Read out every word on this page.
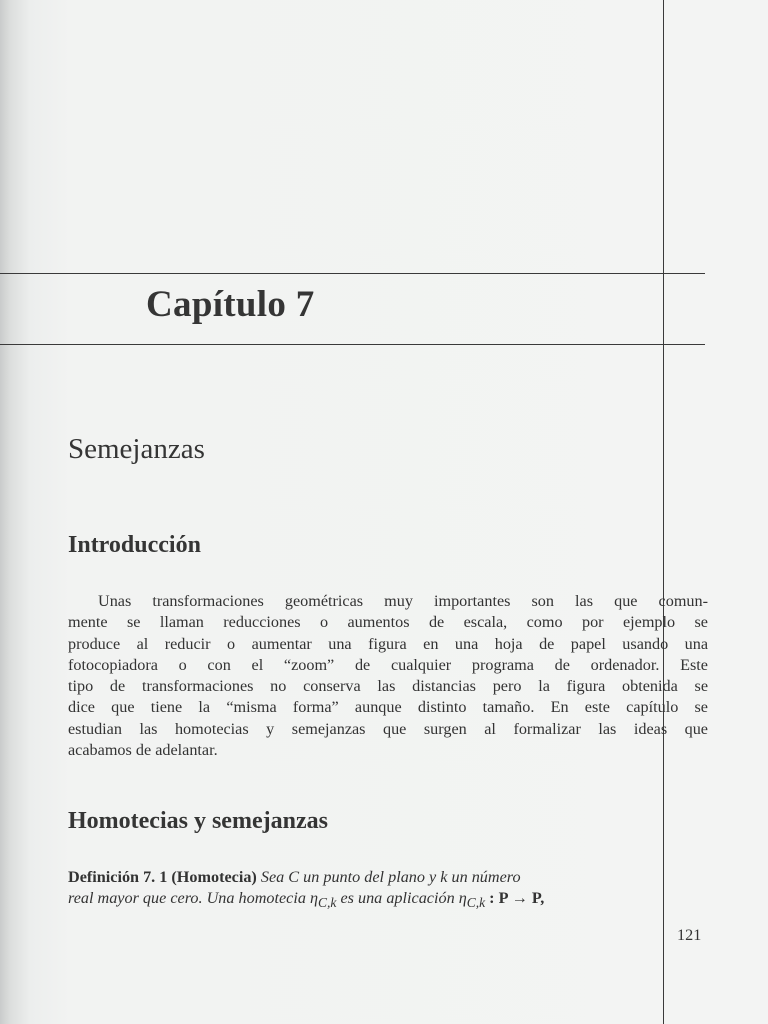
Capítulo 7
Semejanzas
Introducción
Unas transformaciones geométricas muy importantes son las que comun-
mente se llaman reducciones o aumentos de escala, como por ejemplo se
produce al reducir o aumentar una figura en una hoja de papel usando una
fotocopiadora o con el “zoom” de cualquier programa de ordenador. Este
tipo de transformaciones no conserva las distancias pero la figura obtenida se
dice que tiene la “misma forma” aunque distinto tamaño. En este capítulo se
estudian las homotecias y semejanzas que surgen al formalizar las ideas que
acabamos de adelantar.
Homotecias y semejanzas
Definición 7. 1 (Homotecia) Sea C un punto del plano y k un número
real mayor que cero. Una homotecia $\eta_{C,k}$ es una aplicación $\eta_{C,k}$ : P → P,
121
